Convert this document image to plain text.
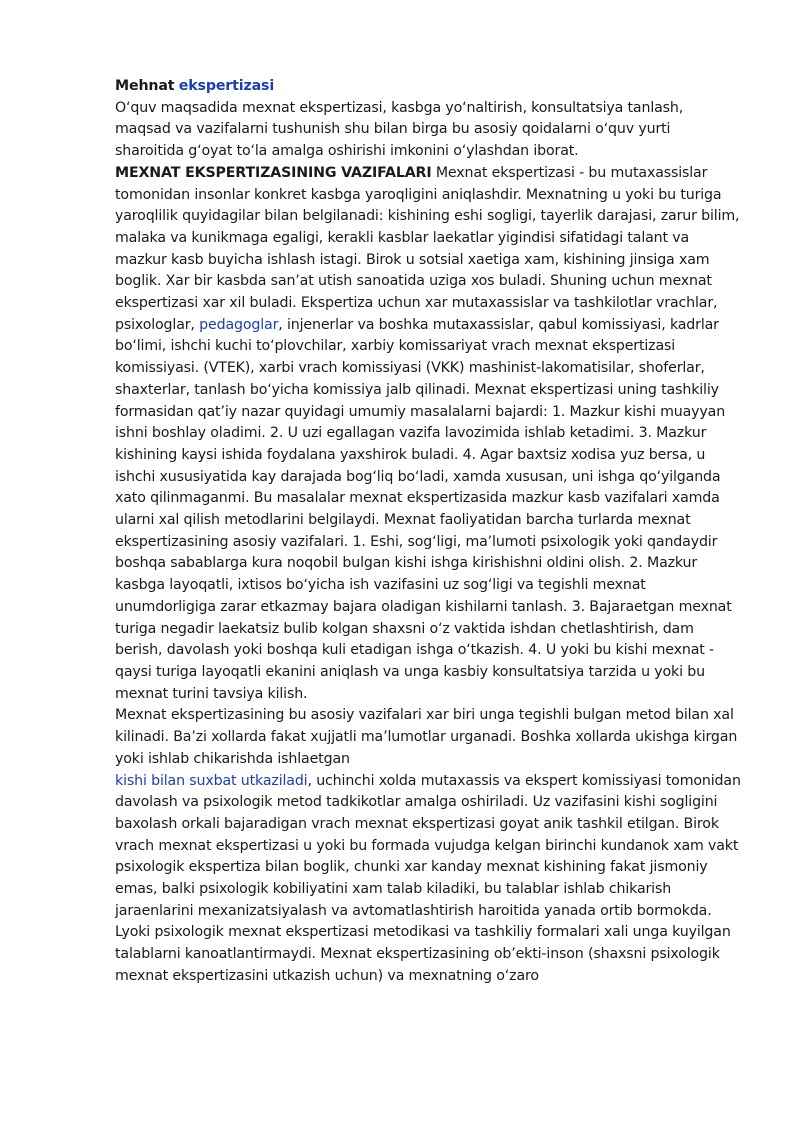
Mehnat ekspertizasi

O‘quv maqsadida mexnat ekspertizasi, kasbga yo‘naltirish, konsultatsiya tanlash, maqsad va vazifalarni tushunish shu bilan birga bu asosiy qoidalarni o‘quv yurti sharoitida g‘oyat to‘la amalga oshirishi imkonini o‘ylashdan iborat.

MEXNAT EKSPERTIZASINING VAZIFALARI Mexnat ekspertizasi - bu mutaxassislar tomonidan insonlar konkret kasbga yaroqligini aniqlashdir. Mexnatning u yoki bu turiga yaroqlilik quyidagilar bilan belgilanadi: kishining eshi sogligi, tayerlik darajasi, zarur bilim, malaka va kunikmaga egaligi, kerakli kasblar laekatlar yigindisi sifatidagi talant va mazkur kasb buyicha ishlash istagi. Birok u sotsial xaetiga xam, kishining jinsiga xam boglik. Xar bir kasbda san’at utish sanoatida uziga xos buladi. Shuning uchun mexnat ekspertizasi xar xil buladi. Ekspertiza uchun xar mutaxassislar va tashkilotlar vrachlar, psixologlar, pedagoglar, injenerlar va boshka mutaxassislar, qabul komissiyasi, kadrlar bo‘limi, ishchi kuchi to‘plovchilar, xarbiy komissariyat vrach mexnat ekspertizasi komissiyasi. (VTEK), xarbi vrach komissiyasi (VKK) mashinist-lakomatisilar, shoferlar, shaxterlar, tanlash bo‘yicha komissiya jalb qilinadi. Mexnat ekspertizasi uning tashkiliy formasidan qat’iy nazar quyidagi umumiy masalalarni bajardi: 1. Mazkur kishi muayyan ishni boshlay oladimi. 2. U uzi egallagan vazifa lavozimida ishlab ketadimi. 3. Mazkur kishining kaysi ishida foydalana yaxshirok buladi. 4. Agar baxtsiz xodisa yuz bersa, u ishchi xususiyatida kay darajada bog‘liq bo‘ladi, xamda xususan, uni ishga qo‘yilganda xato qilinmaganmi. Bu masalalar mexnat ekspertizasida mazkur kasb vazifalari xamda ularni xal qilish metodlarini belgilaydi. Mexnat faoliyatidan barcha turlarda mexnat ekspertizasining asosiy vazifalari. 1. Eshi, sog‘ligi, ma’lumoti psixologik yoki qandaydir boshqa sabablarga kura noqobil bulgan kishi ishga kirishishni oldini olish. 2. Mazkur kasbga layoqatli, ixtisos bo‘yicha ish vazifasini uz sog‘ligi va tegishli mexnat unumdorligiga zarar etkazmay bajara oladigan kishilarni tanlash. 3. Bajaraetgan mexnat turiga negadir laekatsiz bulib kolgan shaxsni o‘z vaktida ishdan chetlashtirish, dam berish, davolash yoki boshqa kuli etadigan ishga o‘tkazish. 4. U yoki bu kishi mexnat - qaysi turiga layoqatli ekanini aniqlash va unga kasbiy konsultatsiya tarzida u yoki bu mexnat turini tavsiya kilish.

Mexnat ekspertizasining bu asosiy vazifalari xar biri unga tegishli bulgan metod bilan xal kilinadi. Ba’zi xollarda fakat xujjatli ma’lumotlar urganadi. Boshka xollarda ukishga kirgan yoki ishlab chikarishda ishlaetgan

kishi bilan suxbat utkaziladi, uchinchi xolda mutaxassis va ekspert komissiyasi tomonidan davolash va psixologik metod tadkikotlar amalga oshiriladi. Uz vazifasini kishi sogligini baxolash orkali bajaradigan vrach mexnat ekspertizasi goyat anik tashkil etilgan. Birok vrach mexnat ekspertizasi u yoki bu formada vujudga kelgan birinchi kundanok xam vakt psixologik ekspertiza bilan boglik, chunki xar kanday mexnat kishining fakat jismoniy emas, balki psixologik kobiliyatini xam talab kiladiki, bu talablar ishlab chikarish jaraenlarini mexanizatsiyalash va avtomatlashtirish haroitida yanada ortib bormokda. Lyoki psixologik mexnat ekspertizasi metodikasi va tashkiliy formalari xali unga kuyilgan talablarni kanoatlantirmaydi. Mexnat ekspertizasining ob’ekti-inson (shaxsni psixologik mexnat ekspertizasini utkazish uchun) va mexnatning o‘zaro
